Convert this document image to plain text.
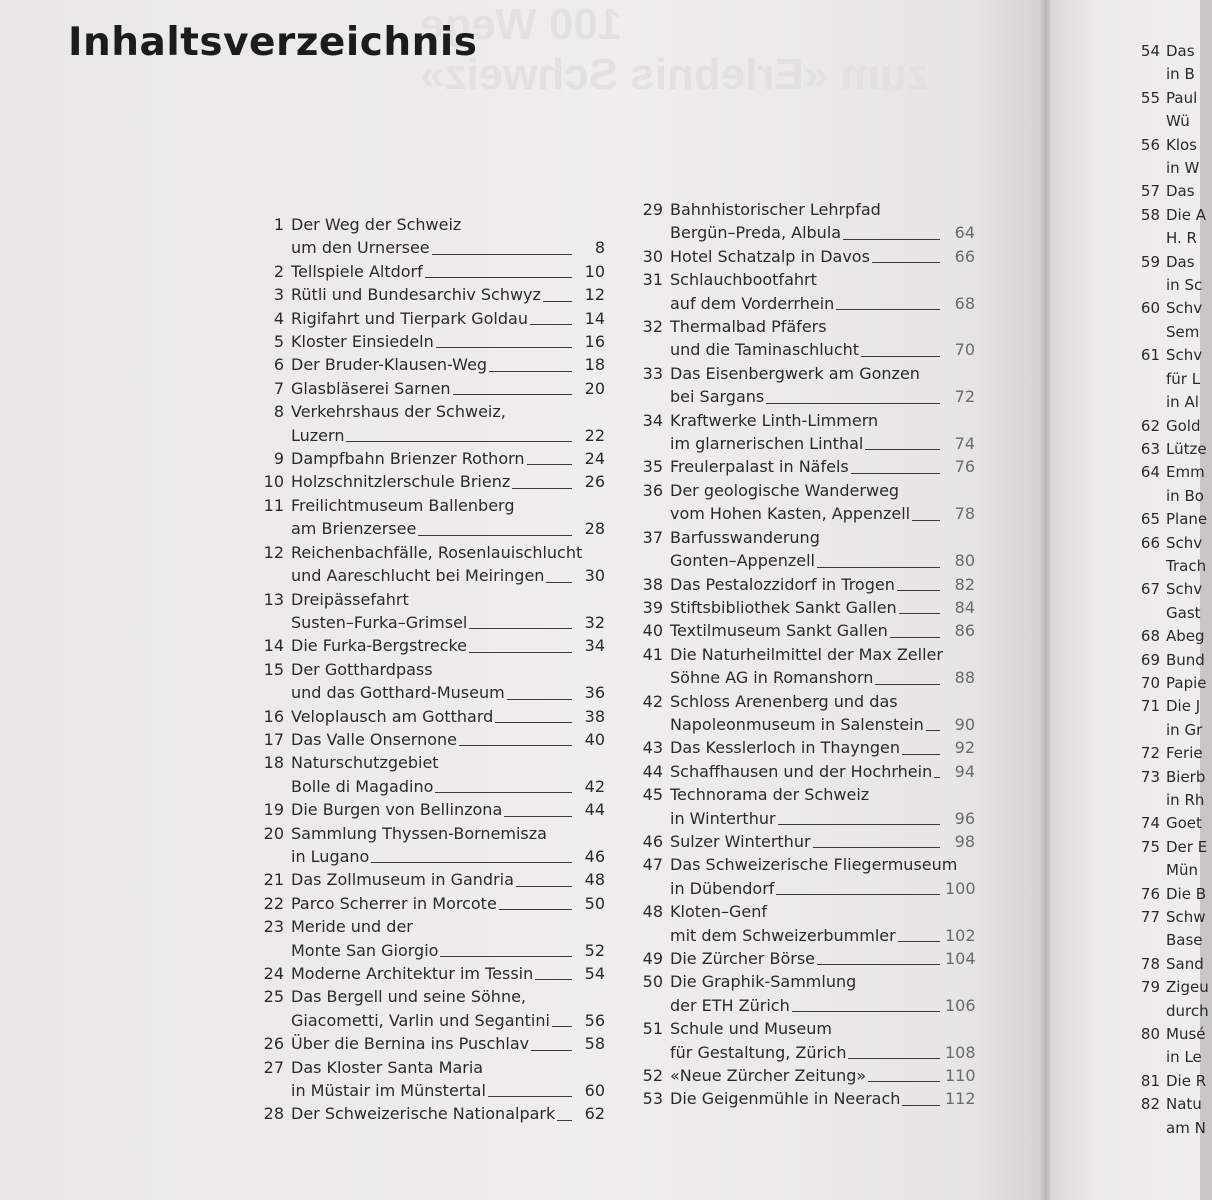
100 Wege
zum «Erlebnis Schweiz»
Inhaltsverzeichnis
1 Der Weg der Schweiz
um den Urnersee	8
2 Tellspiele Altdorf	10
3 Rütli und Bundesarchiv Schwyz	12
4 Rigifahrt und Tierpark Goldau	14
5 Kloster Einsiedeln	16
6 Der Bruder-Klausen-Weg	18
7 Glasbläserei Sarnen	20
8 Verkehrshaus der Schweiz,
Luzern	22
9 Dampfbahn Brienzer Rothorn	24
10 Holzschnitzlerschule Brienz	26
11 Freilichtmuseum Ballenberg
am Brienzersee	28
12 Reichenbachfälle, Rosenlauischlucht
und Aareschlucht bei Meiringen	30
13 Dreipässefahrt
Susten–Furka–Grimsel	32
14 Die Furka-Bergstrecke	34
15 Der Gotthardpass
und das Gotthard-Museum	36
16 Veloplausch am Gotthard	38
17 Das Valle Onsernone	40
18 Naturschutzgebiet
Bolle di Magadino	42
19 Die Burgen von Bellinzona	44
20 Sammlung Thyssen-Bornemisza
in Lugano	46
21 Das Zollmuseum in Gandria	48
22 Parco Scherrer in Morcote	50
23 Meride und der
Monte San Giorgio	52
24 Moderne Architektur im Tessin	54
25 Das Bergell und seine Söhne,
Giacometti, Varlin und Segantini	56
26 Über die Bernina ins Puschlav	58
27 Das Kloster Santa Maria
in Müstair im Münstertal	60
28 Der Schweizerische Nationalpark	62
29 Bahnhistorischer Lehrpfad
Bergün–Preda, Albula	64
30 Hotel Schatzalp in Davos	66
31 Schlauchbootfahrt
auf dem Vorderrhein	68
32 Thermalbad Pfäfers
und die Taminaschlucht	70
33 Das Eisenbergwerk am Gonzen
bei Sargans	72
34 Kraftwerke Linth-Limmern
im glarnerischen Linthal	74
35 Freulerpalast in Näfels	76
36 Der geologische Wanderweg
vom Hohen Kasten, Appenzell	78
37 Barfusswanderung
Gonten–Appenzell	80
38 Das Pestalozzidorf in Trogen	82
39 Stiftsbibliothek Sankt Gallen	84
40 Textilmuseum Sankt Gallen	86
41 Die Naturheilmittel der Max Zeller
Söhne AG in Romanshorn	88
42 Schloss Arenenberg und das
Napoleonmuseum in Salenstein	90
43 Das Kesslerloch in Thayngen	92
44 Schaffhausen und der Hochrhein	94
45 Technorama der Schweiz
in Winterthur	96
46 Sulzer Winterthur	98
47 Das Schweizerische Fliegermuseum
in Dübendorf	100
48 Kloten–Genf
mit dem Schweizerbummler	102
49 Die Zürcher Börse	104
50 Die Graphik-Sammlung
der ETH Zürich	106
51 Schule und Museum
für Gestaltung, Zürich	108
52 «Neue Zürcher Zeitung»	110
53 Die Geigenmühle in Neerach	112
54 Das
in B
55 Paul
Wü
56 Klos
in W
57 Das
58 Die A
H. R
59 Das
in Sc
60 Schv
Sem
61 Schv
für L
in Al
62 Gold
63 Lütze
64 Emm
in Bo
65 Plane
66 Schv
Trach
67 Schv
Gast
68 Abeg
69 Bund
70 Papie
71 Die J
in Gr
72 Ferie
73 Bierb
in Rh
74 Goet
75 Der E
Mün
76 Die B
77 Schw
Base
78 Sand
79 Zigeu
durch
80 Musé
in Le
81 Die R
82 Natu
am N
